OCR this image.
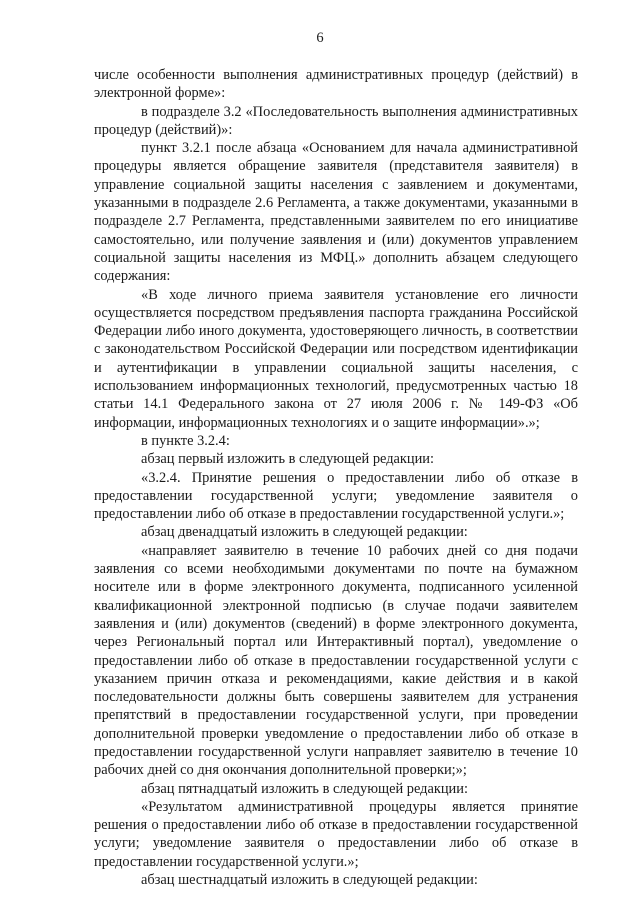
6

числе особенности выполнения административных процедур (действий) в электронной форме»:

в подразделе 3.2 «Последовательность выполнения административных процедур (действий)»:

пункт 3.2.1 после абзаца «Основанием для начала административной процедуры является обращение заявителя (представителя заявителя) в управление социальной защиты населения с заявлением и документами, указанными в подразделе 2.6 Регламента, а также документами, указанными в подразделе 2.7 Регламента, представленными заявителем по его инициативе самостоятельно, или получение заявления и (или) документов управлением социальной защиты населения из МФЦ.» дополнить абзацем следующего содержания:

«В ходе личного приема заявителя установление его личности осуществляется посредством предъявления паспорта гражданина Российской Федерации либо иного документа, удостоверяющего личность, в соответствии с законодательством Российской Федерации или посредством идентификации и аутентификации в управлении социальной защиты населения, с использованием информационных технологий, предусмотренных частью 18 статьи 14.1 Федерального закона от 27 июля 2006 г. № 149-ФЗ «Об информации, информационных технологиях и о защите информации».»;

в пункте 3.2.4:

абзац первый изложить в следующей редакции:

«3.2.4. Принятие решения о предоставлении либо об отказе в предоставлении государственной услуги; уведомление заявителя о предоставлении либо об отказе в предоставлении государственной услуги.»;

абзац двенадцатый изложить в следующей редакции:

«направляет заявителю в течение 10 рабочих дней со дня подачи заявления со всеми необходимыми документами по почте на бумажном носителе или в форме электронного документа, подписанного усиленной квалификационной электронной подписью (в случае подачи заявителем заявления и (или) документов (сведений) в форме электронного документа, через Региональный портал или Интерактивный портал), уведомление о предоставлении либо об отказе в предоставлении государственной услуги с указанием причин отказа и рекомендациями, какие действия и в какой последовательности должны быть совершены заявителем для устранения препятствий в предоставлении государственной услуги, при проведении дополнительной проверки уведомление о предоставлении либо об отказе в предоставлении государственной услуги направляет заявителю в течение 10 рабочих дней со дня окончания дополнительной проверки;»;

абзац пятнадцатый изложить в следующей редакции:

«Результатом административной процедуры является принятие решения о предоставлении либо об отказе в предоставлении государственной услуги; уведомление заявителя о предоставлении либо об отказе в предоставлении государственной услуги.»;

абзац шестнадцатый изложить в следующей редакции:
